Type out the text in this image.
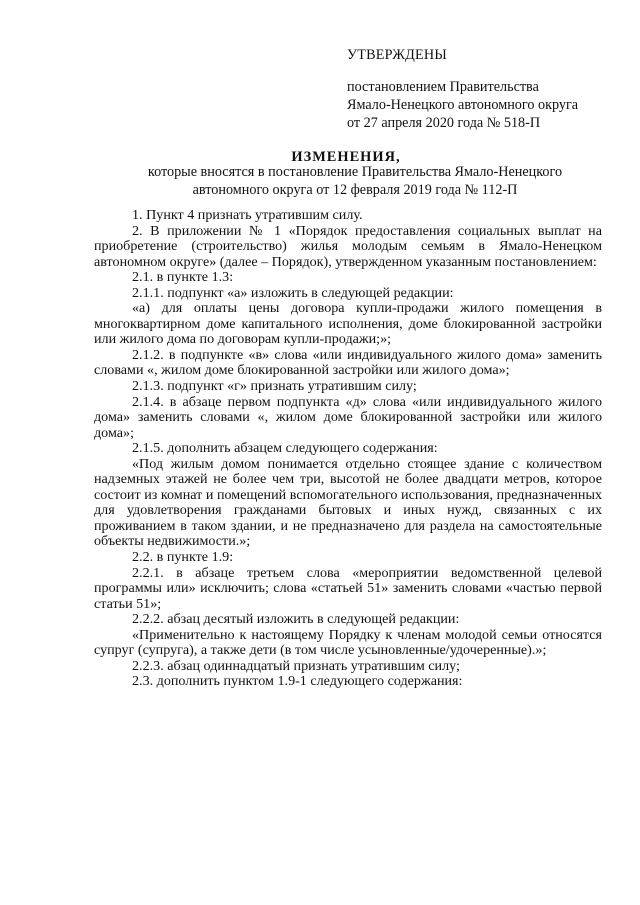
УТВЕРЖДЕНЫ
постановлением Правительства
Ямало-Ненецкого автономного округа
от 27 апреля 2020 года № 518-П
ИЗМЕНЕНИЯ,
которые вносятся в постановление Правительства Ямало-Ненецкого
автономного округа от 12 февраля 2019 года № 112-П

1. Пункт 4 признать утратившим силу.

2. В приложении № 1 «Порядок предоставления социальных выплат на приобретение (строительство) жилья молодым семьям в Ямало-Ненецком автономном округе» (далее – Порядок), утвержденном указанным постановлением:

2.1. в пункте 1.3:

2.1.1. подпункт «а» изложить в следующей редакции:

«а) для оплаты цены договора купли-продажи жилого помещения в многоквартирном доме капитального исполнения, доме блокированной застройки или жилого дома по договорам купли-продажи;»;

2.1.2. в подпункте «в» слова «или индивидуального жилого дома» заменить словами «, жилом доме блокированной застройки или жилого дома»;

2.1.3. подпункт «г» признать утратившим силу;

2.1.4. в абзаце первом подпункта «д» слова «или индивидуального жилого дома» заменить словами «, жилом доме блокированной застройки или жилого дома»;

2.1.5. дополнить абзацем следующего содержания:

«Под жилым домом понимается отдельно стоящее здание с количеством надземных этажей не более чем три, высотой не более двадцати метров, которое состоит из комнат и помещений вспомогательного использования, предназначенных для удовлетворения гражданами бытовых и иных нужд, связанных с их проживанием в таком здании, и не предназначено для раздела на самостоятельные объекты недвижимости.»;

2.2. в пункте 1.9:

2.2.1. в абзаце третьем слова «мероприятии ведомственной целевой программы или» исключить; слова «статьей 51» заменить словами «частью первой статьи 51»;

2.2.2. абзац десятый изложить в следующей редакции:

«Применительно к настоящему Порядку к членам молодой семьи относятся супруг (супруга), а также дети (в том числе усыновленные/удочеренные).»;

2.2.3. абзац одиннадцатый признать утратившим силу;

2.3. дополнить пунктом 1.9-1 следующего содержания:
